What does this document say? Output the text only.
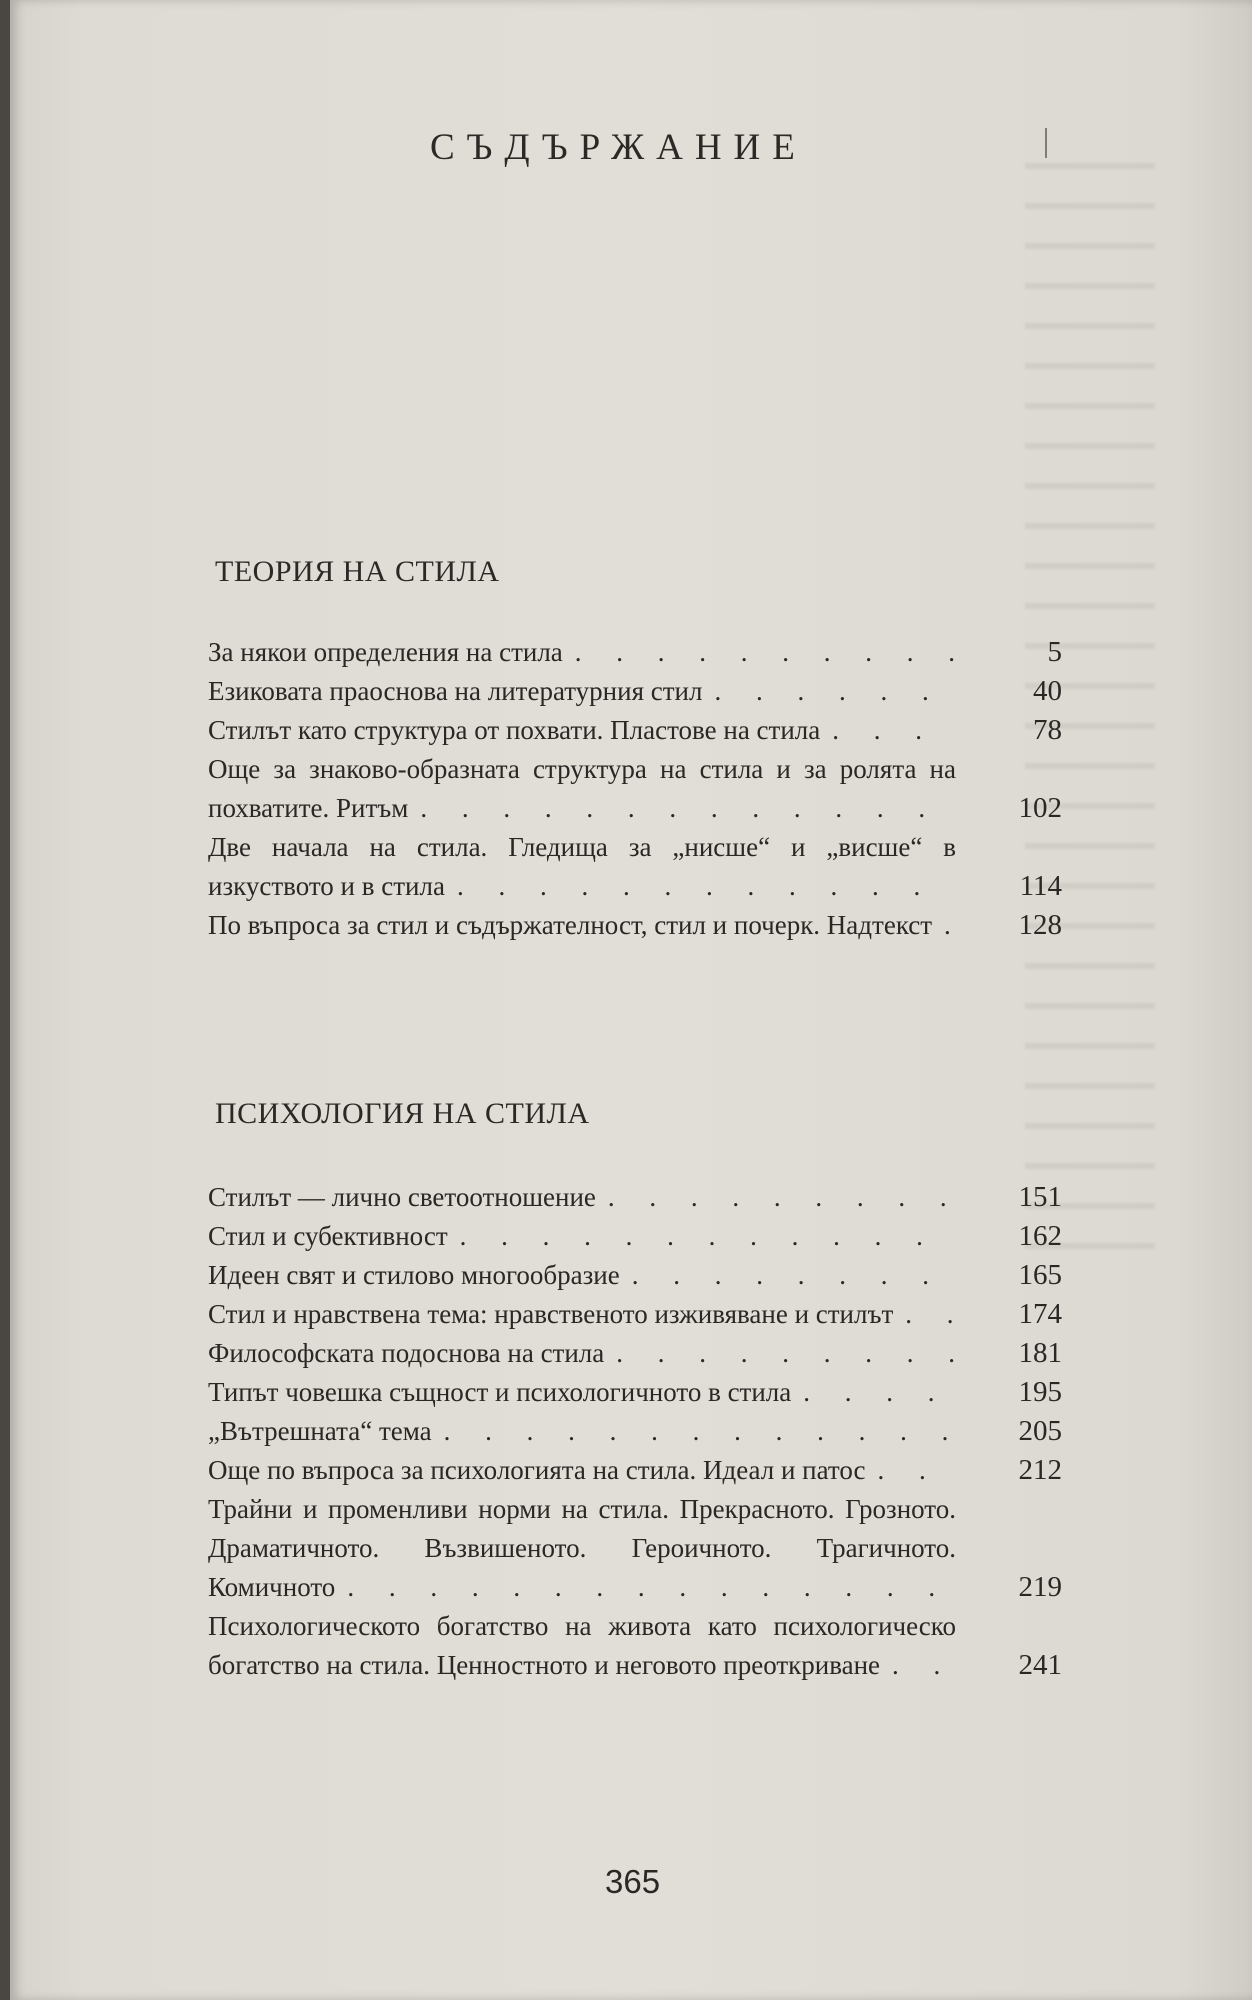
СЪДЪРЖАНИЕ
ТЕОРИЯ НА СТИЛА
За някои определения на стила . . .	5
Езиковата праоснова на литературния стил . . .	40
Стилът като структура от похвати. Пластове на стила . . .	78
Още за знаково-образната структура на стила и за ролята на похватите. Ритъм . . .	102
Две начала на стила. Гледища за „нисше“ и „висше“ в изкуството и в стила . . .	114
По въпроса за стил и съдържателност, стил и почерк. Надтекст . . .	128
ПСИХОЛОГИЯ НА СТИЛА
Стилът — лично светоотношение . . .	151
Стил и субективност . . .	162
Идеен свят и стилово многообразие . . .	165
Стил и нравствена тема: нравственото изживяване и стилът . . .	174
Философската подоснова на стила . . .	181
Типът човешка същност и психологичното в стила . . .	195
„Вътрешната“ тема . . .	205
Още по въпроса за психологията на стила. Идеал и патос . . .	212
Трайни и променливи норми на стила. Прекрасното. Грозното. Драматичното. Възвишеното. Героичното. Трагичното. Комичното . . .	219
Психологическото богатство на живота като психологическо богатство на стила. Ценностното и неговото преоткриване . . .	241
365
